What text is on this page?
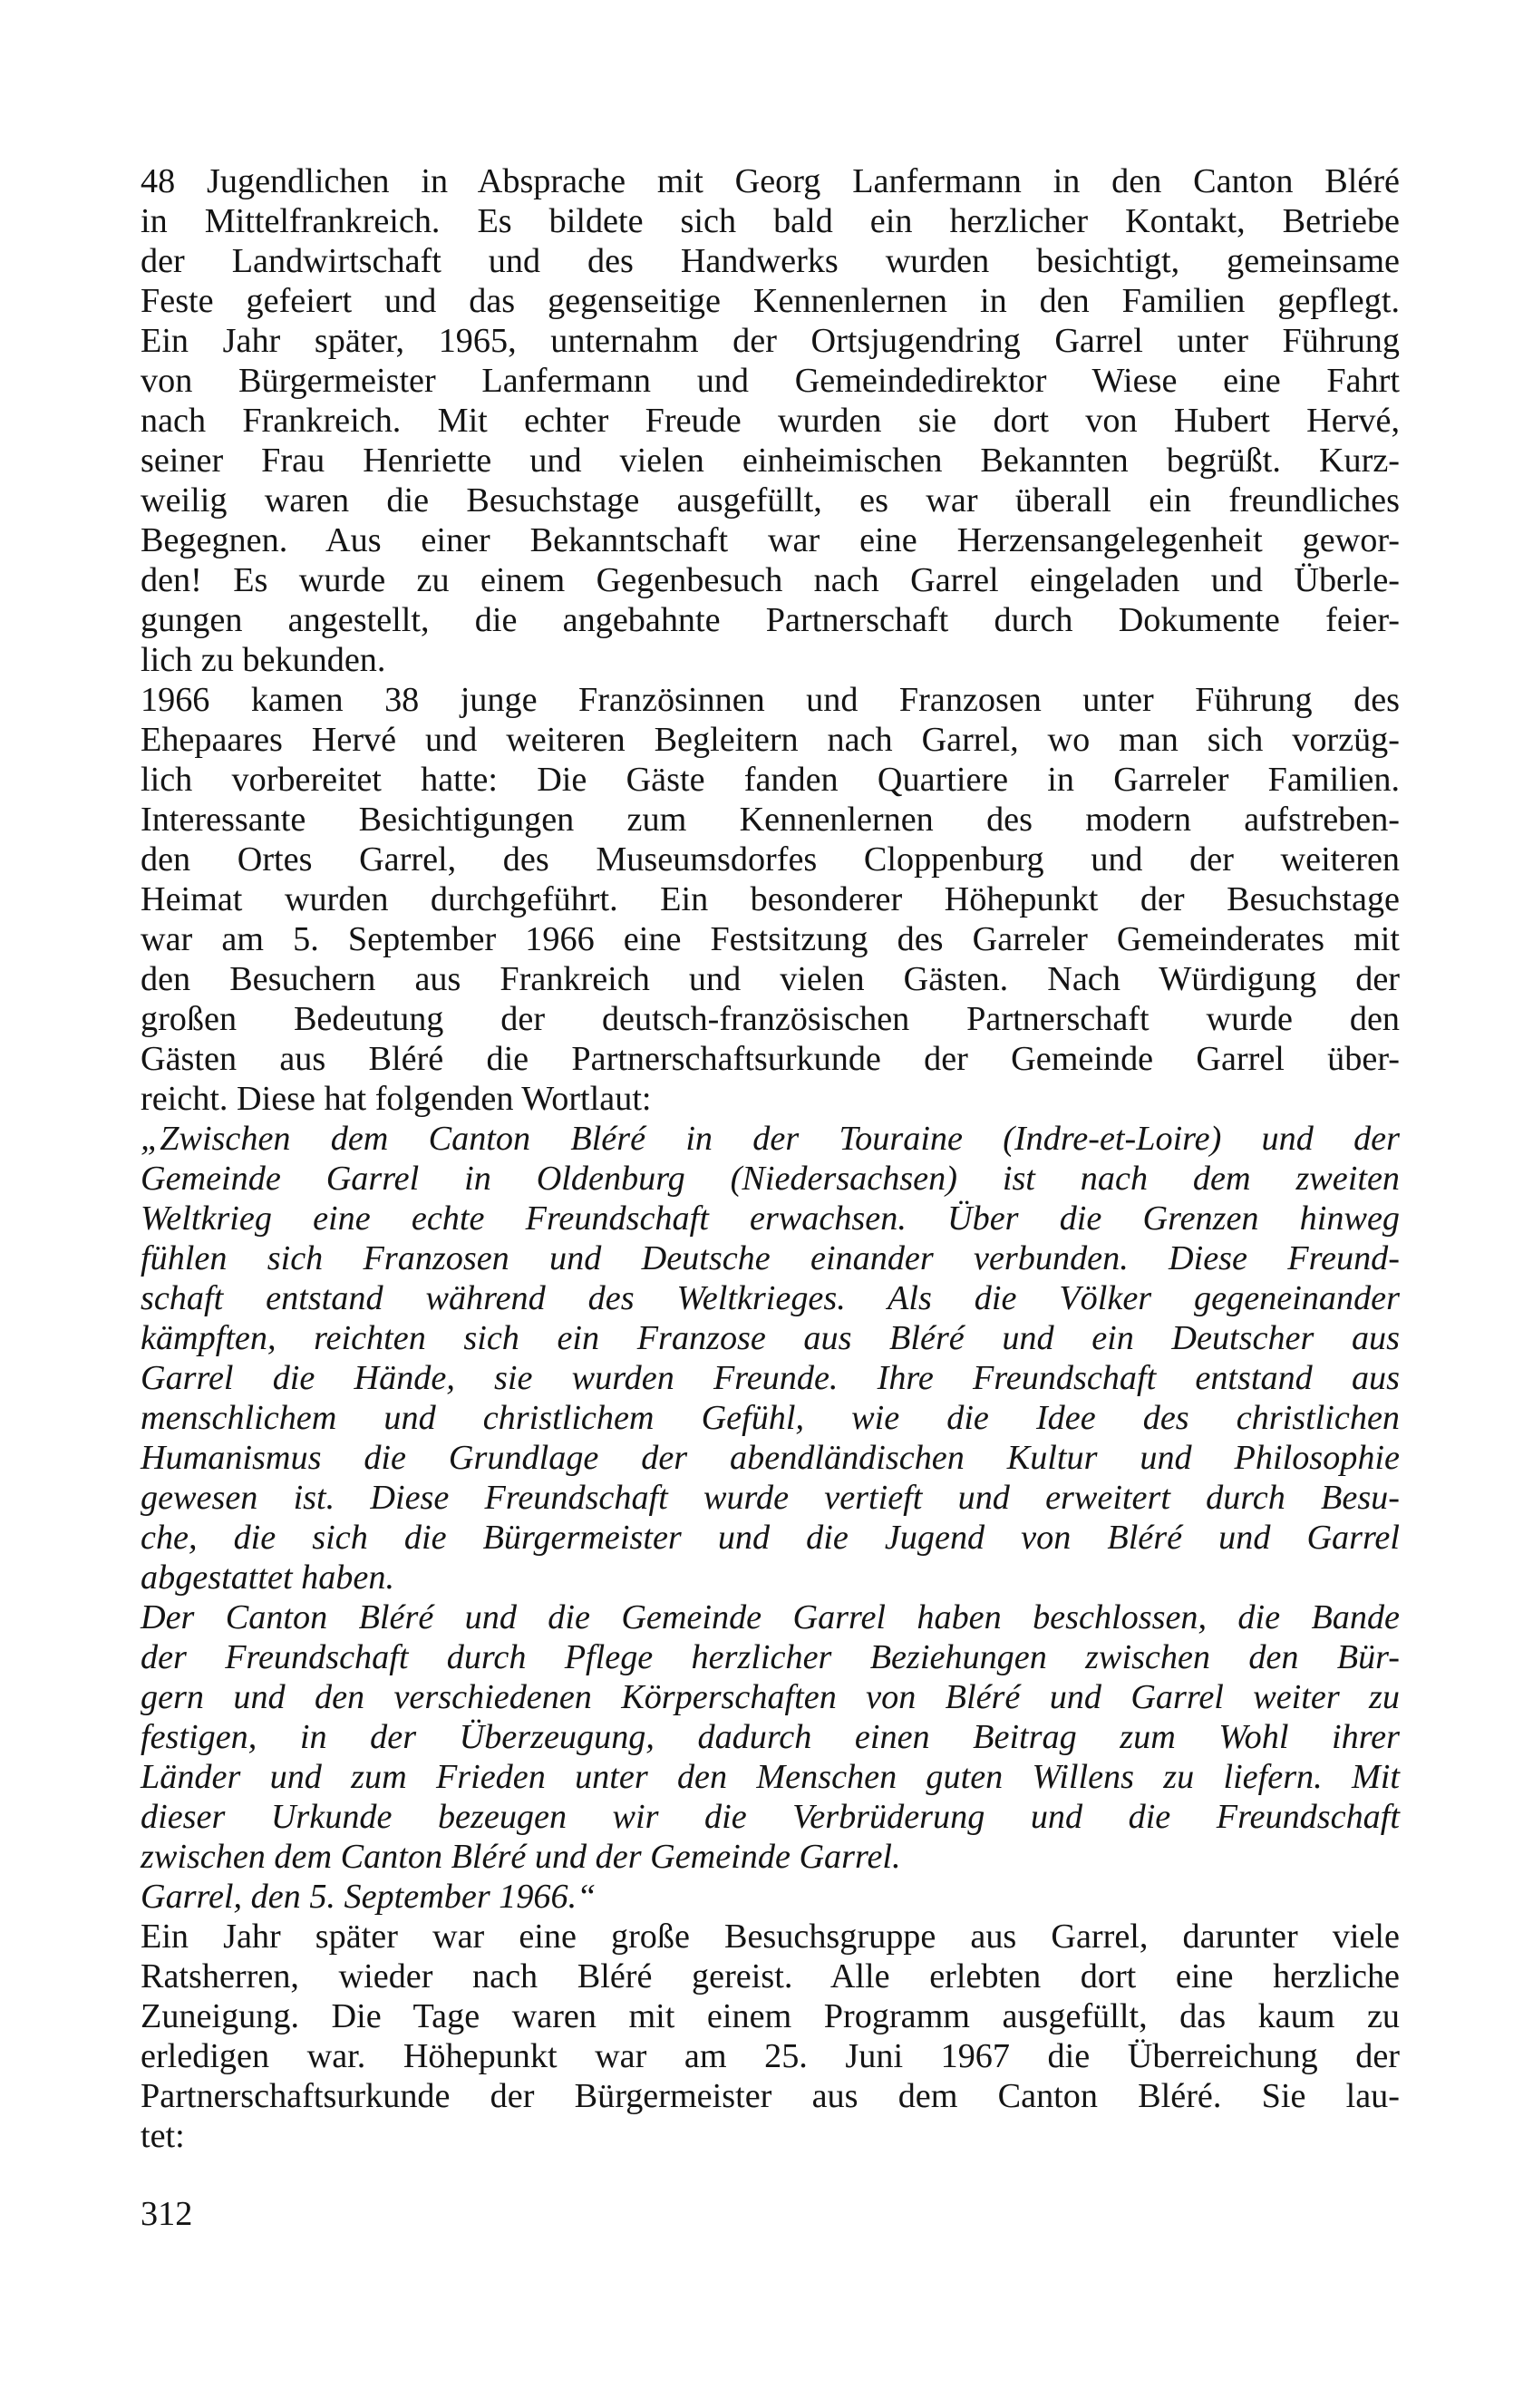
48 Jugendlichen in Absprache mit Georg Lanfermann in den Canton Bléré
in Mittelfrankreich. Es bildete sich bald ein herzlicher Kontakt, Betriebe
der Landwirtschaft und des Handwerks wurden besichtigt, gemeinsame
Feste gefeiert und das gegenseitige Kennenlernen in den Familien gepflegt.
Ein Jahr später, 1965, unternahm der Ortsjugendring Garrel unter Führung
von Bürgermeister Lanfermann und Gemeindedirektor Wiese eine Fahrt
nach Frankreich. Mit echter Freude wurden sie dort von Hubert Hervé,
seiner Frau Henriette und vielen einheimischen Bekannten begrüßt. Kurz-
weilig waren die Besuchstage ausgefüllt, es war überall ein freundliches
Begegnen. Aus einer Bekanntschaft war eine Herzensangelegenheit gewor-
den! Es wurde zu einem Gegenbesuch nach Garrel eingeladen und Überle-
gungen angestellt, die angebahnte Partnerschaft durch Dokumente feier-
lich zu bekunden.
1966 kamen 38 junge Französinnen und Franzosen unter Führung des
Ehepaares Hervé und weiteren Begleitern nach Garrel, wo man sich vorzüg-
lich vorbereitet hatte: Die Gäste fanden Quartiere in Garreler Familien.
Interessante Besichtigungen zum Kennenlernen des modern aufstreben-
den Ortes Garrel, des Museumsdorfes Cloppenburg und der weiteren
Heimat wurden durchgeführt. Ein besonderer Höhepunkt der Besuchstage
war am 5. September 1966 eine Festsitzung des Garreler Gemeinderates mit
den Besuchern aus Frankreich und vielen Gästen. Nach Würdigung der
großen Bedeutung der deutsch-französischen Partnerschaft wurde den
Gästen aus Bléré die Partnerschaftsurkunde der Gemeinde Garrel über-
reicht. Diese hat folgenden Wortlaut:
„Zwischen dem Canton Bléré in der Touraine (Indre-et-Loire) und der
Gemeinde Garrel in Oldenburg (Niedersachsen) ist nach dem zweiten
Weltkrieg eine echte Freundschaft erwachsen. Über die Grenzen hinweg
fühlen sich Franzosen und Deutsche einander verbunden. Diese Freund-
schaft entstand während des Weltkrieges. Als die Völker gegeneinander
kämpften, reichten sich ein Franzose aus Bléré und ein Deutscher aus
Garrel die Hände, sie wurden Freunde. Ihre Freundschaft entstand aus
menschlichem und christlichem Gefühl, wie die Idee des christlichen
Humanismus die Grundlage der abendländischen Kultur und Philosophie
gewesen ist. Diese Freundschaft wurde vertieft und erweitert durch Besu-
che, die sich die Bürgermeister und die Jugend von Bléré und Garrel
abgestattet haben.
Der Canton Bléré und die Gemeinde Garrel haben beschlossen, die Bande
der Freundschaft durch Pflege herzlicher Beziehungen zwischen den Bür-
gern und den verschiedenen Körperschaften von Bléré und Garrel weiter zu
festigen, in der Überzeugung, dadurch einen Beitrag zum Wohl ihrer
Länder und zum Frieden unter den Menschen guten Willens zu liefern. Mit
dieser Urkunde bezeugen wir die Verbrüderung und die Freundschaft
zwischen dem Canton Bléré und der Gemeinde Garrel.
Garrel, den 5. September 1966.“
Ein Jahr später war eine große Besuchsgruppe aus Garrel, darunter viele
Ratsherren, wieder nach Bléré gereist. Alle erlebten dort eine herzliche
Zuneigung. Die Tage waren mit einem Programm ausgefüllt, das kaum zu
erledigen war. Höhepunkt war am 25. Juni 1967 die Überreichung der
Partnerschaftsurkunde der Bürgermeister aus dem Canton Bléré. Sie lau-
tet:
312
